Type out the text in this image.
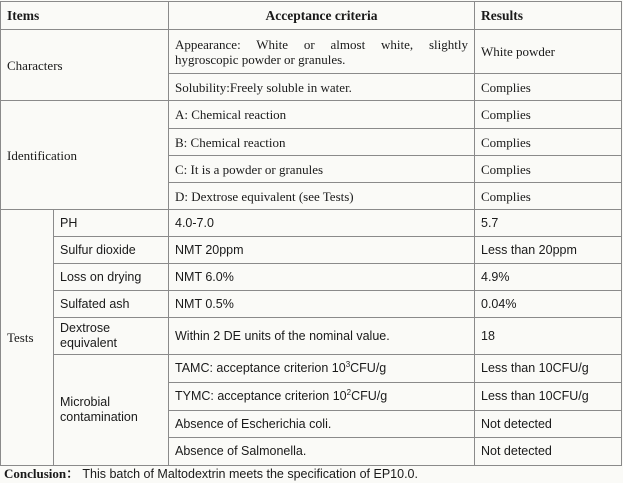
Items		Acceptance criteria	Results
Characters		Appearance: White or almost white, slightly hygroscopic powder or granules.	White powder
		Solubility:Freely soluble in water.	Complies
Identification		A: Chemical reaction	Complies
		B: Chemical reaction	Complies
		C: It is a powder or granules	Complies
		D: Dextrose equivalent (see Tests)	Complies
Tests	PH	4.0-7.0	5.7
	Sulfur dioxide	NMT 20ppm	Less than 20ppm
	Loss on drying	NMT 6.0%	4.9%
	Sulfated ash	NMT 0.5%	0.04%
	Dextrose equivalent	Within 2 DE units of the nominal value.	18
	Microbial contamination	TAMC: acceptance criterion $10^3CFU/g$	Less than 10CFU/g
		TYMC: acceptance criterion $10^2CFU/g$	Less than 10CFU/g
		Absence of Escherichia coli.	Not detected
		Absence of Salmonella.	Not detected
Conclusion： This batch of Maltodextrin meets the specification of EP10.0.
